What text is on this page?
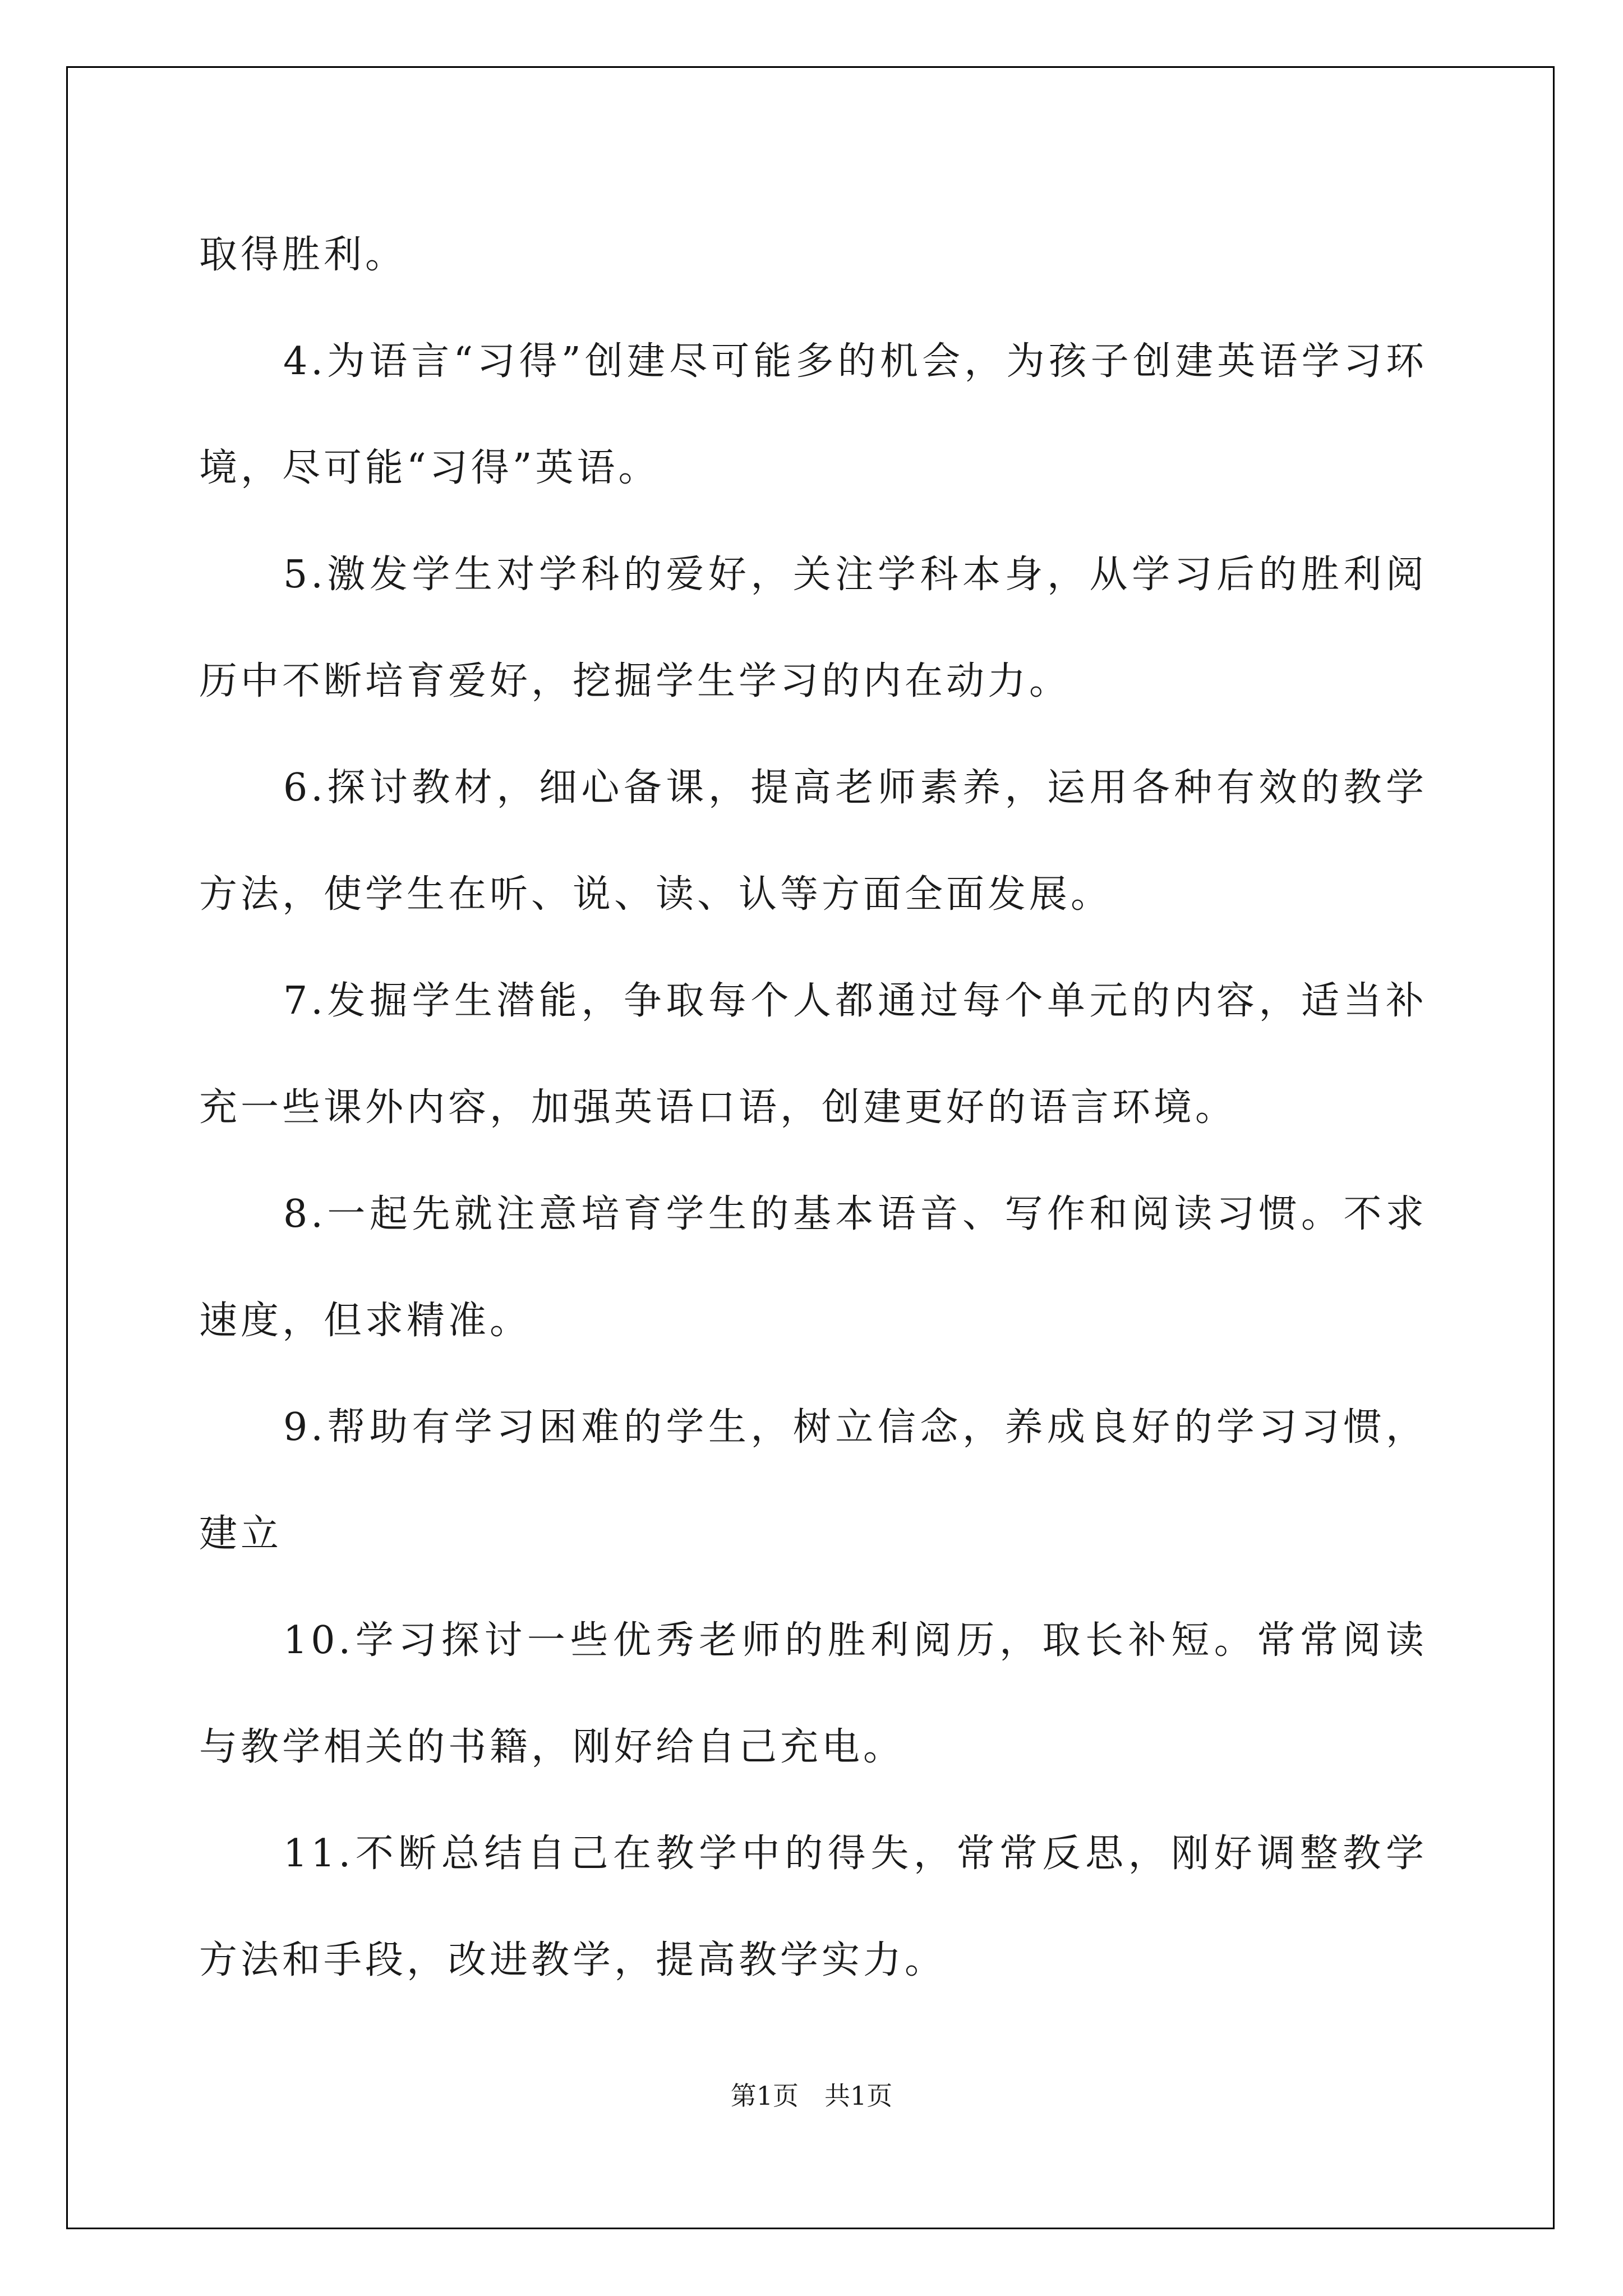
取得胜利。

4.为语言“习得”创建尽可能多的机会，为孩子创建英语学习环境，尽可能“习得”英语。

5.激发学生对学科的爱好，关注学科本身，从学习后的胜利阅历中不断培育爱好，挖掘学生学习的内在动力。

6.探讨教材，细心备课，提高老师素养，运用各种有效的教学方法，使学生在听、说、读、认等方面全面发展。

7.发掘学生潜能，争取每个人都通过每个单元的内容，适当补充一些课外内容，加强英语口语，创建更好的语言环境。

8.一起先就注意培育学生的基本语音、写作和阅读习惯。不求速度，但求精准。

9.帮助有学习困难的学生，树立信念，养成良好的学习习惯，建立

10.学习探讨一些优秀老师的胜利阅历，取长补短。常常阅读与教学相关的书籍，刚好给自己充电。

11.不断总结自己在教学中的得失，常常反思，刚好调整教学方法和手段，改进教学，提高教学实力。

第1页　共1页
